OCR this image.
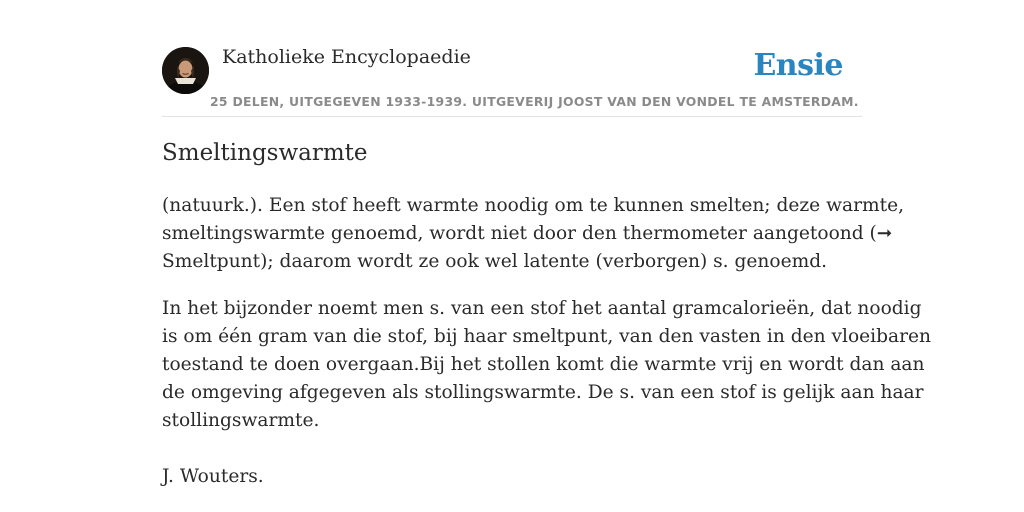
Katholieke Encyclopaedie	Ensie
25 DELEN, UITGEGEVEN 1933-1939. UITGEVERIJ JOOST VAN DEN VONDEL TE AMSTERDAM.
Smeltingswarmte

(natuurk.). Een stof heeft warmte noodig om te kunnen smelten; deze warmte,
smeltingswarmte genoemd, wordt niet door den thermometer aangetoond (➞
Smeltpunt); daarom wordt ze ook wel latente (verborgen) s. genoemd.

In het bijzonder noemt men s. van een stof het aantal gramcalorieën, dat noodig
is om één gram van die stof, bij haar smeltpunt, van den vasten in den vloeibaren
toestand te doen overgaan.Bij het stollen komt die warmte vrij en wordt dan aan
de omgeving afgegeven als stollingswarmte. De s. van een stof is gelijk aan haar
stollingswarmte.

J. Wouters.
